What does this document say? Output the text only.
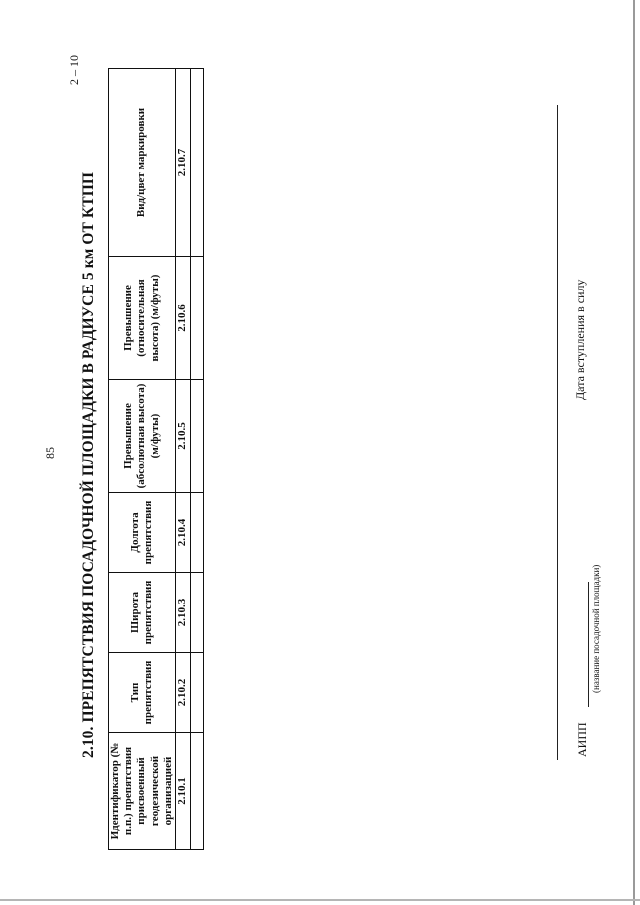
85
2 – 10
2.10. ПРЕПЯТСТВИЯ ПОСАДОЧНОЙ ПЛОЩАДКИ В РАДИУСЕ 5 км ОТ КТПП
Идентификатор (№ п.п.) препятствия присвоенный геодезической организацией	Тип препятствия	Широта препятствия	Долгота препятствия	Превышение (абсолютная высота) (м/футы)	Превышение (относительная высота) (м/футы)	Вид/цвет маркировки
2.10.1	2.10.2	2.10.3	2.10.4	2.10.5	2.10.6	2.10.7

АИПП
(название посадочной площадки)
Дата вступления в силу
